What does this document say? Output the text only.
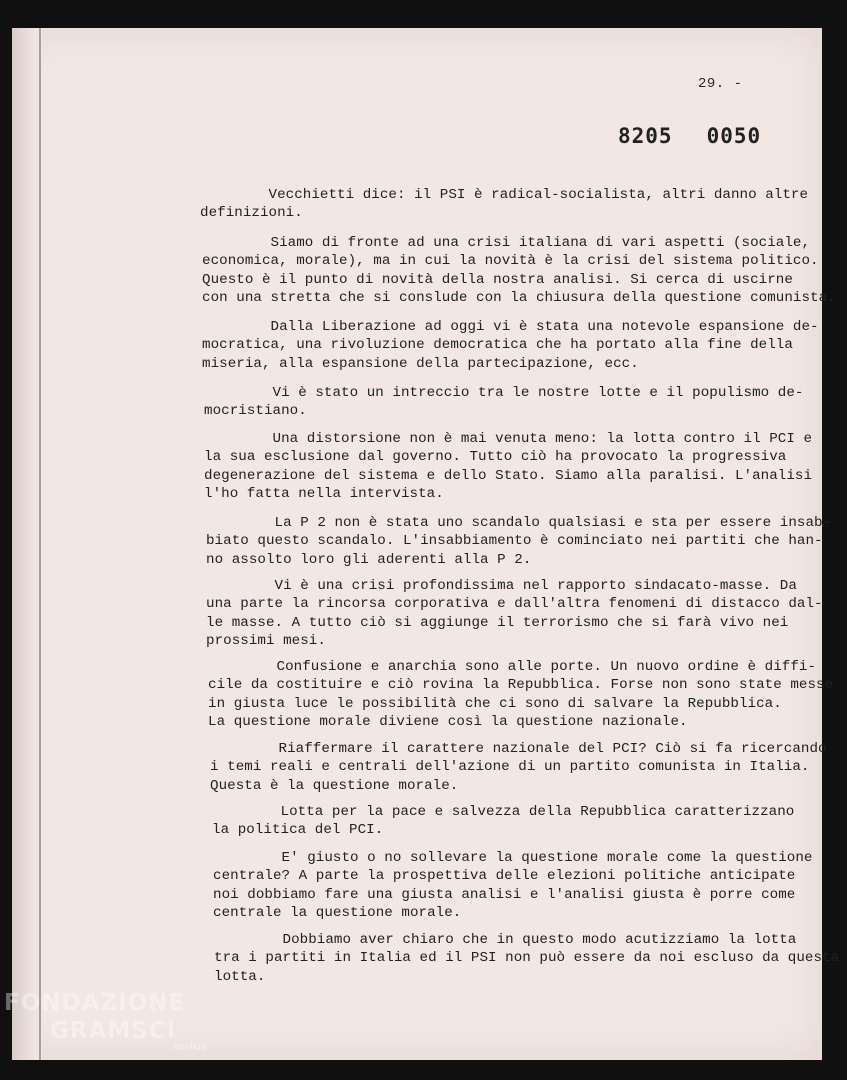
29. -
8205 0050
Vecchietti dice: il PSI è radical-socialista, altri danno altre
definizioni.
Siamo di fronte ad una crisi italiana di vari aspetti (sociale,
economica, morale), ma in cui la novità è la crisi del sistema politico.
Questo è il punto di novità della nostra analisi. Si cerca di uscirne
con una stretta che si conslude con la chiusura della questione comunista.
Dalla Liberazione ad oggi vi è stata una notevole espansione de-
mocratica, una rivoluzione democratica che ha portato alla fine della
miseria, alla espansione della partecipazione, ecc.
Vi è stato un intreccio tra le nostre lotte e il populismo de-
mocristiano.
Una distorsione non è mai venuta meno: la lotta contro il PCI e
la sua esclusione dal governo. Tutto ciò ha provocato la progressiva
degenerazione del sistema e dello Stato. Siamo alla paralisi. L'analisi
l'ho fatta nella intervista.
La P 2 non è stata uno scandalo qualsiasi e sta per essere insab-
biato questo scandalo. L'insabbiamento è cominciato nei partiti che han-
no assolto loro gli aderenti alla P 2.
Vi è una crisi profondissima nel rapporto sindacato-masse. Da
una parte la rincorsa corporativa e dall'altra fenomeni di distacco dal-
le masse. A tutto ciò si aggiunge il terrorismo che si farà vivo nei
prossimi mesi.
Confusione e anarchia sono alle porte. Un nuovo ordine è diffi-
cile da costituire e ciò rovina la Repubblica. Forse non sono state messe
in giusta luce le possibilità che ci sono di salvare la Repubblica.
La questione morale diviene così la questione nazionale.
Riaffermare il carattere nazionale del PCI? Ciò si fa ricercando
i temi reali e centrali dell'azione di un partito comunista in Italia.
Questa è la questione morale.
Lotta per la pace e salvezza della Repubblica caratterizzano
la politica del PCI.
E' giusto o no sollevare la questione morale come la questione
centrale? A parte la prospettiva delle elezioni politiche anticipate
noi dobbiamo fare una giusta analisi e l'analisi giusta è porre come
centrale la questione morale.
Dobbiamo aver chiaro che in questo modo acutizziamo la lotta
tra i partiti in Italia ed il PSI non può essere da noi escluso da questa
lotta.
FONDAZIONE
GRAMSCI
onlus
